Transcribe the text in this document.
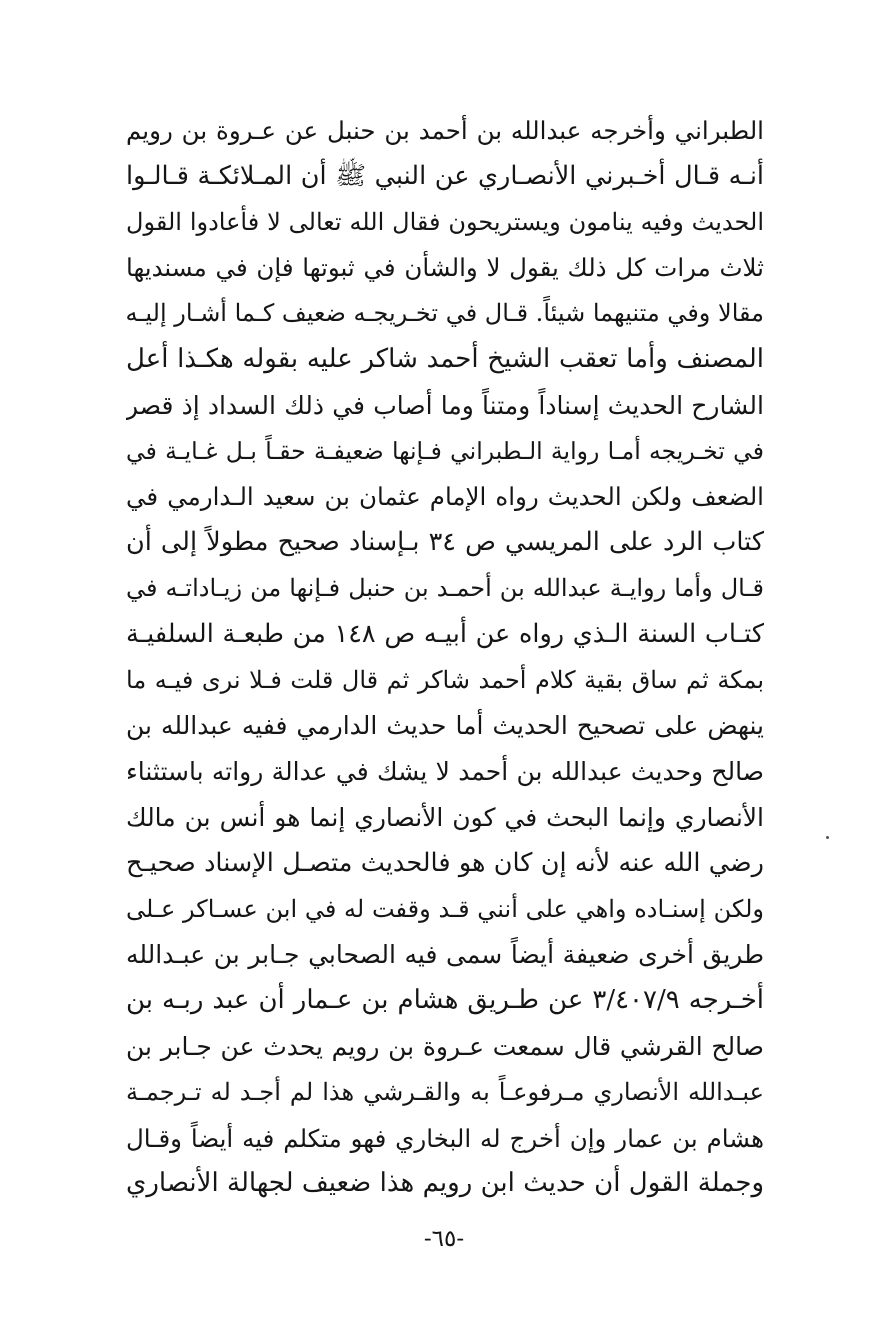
الطبراني وأخرجه عبدالله بن أحمد بن حنبل عن عـروة بن رويم
أنـه قـال أخـبرني الأنصـاري عن النبي ﷺ أن المـلائكـة قـالـوا
الحديث وفيه ينامون ويستريحون فقال الله تعالى لا فأعادوا القول
ثلاث مرات كل ذلك يقول لا والشأن في ثبوتها فإن في مسنديها
مقالا وفي متنيهما شيئاً. قـال في تخـريجـه ضعيف كـما أشـار إليـه
المصنف وأما تعقب الشيخ أحمد شاكر عليه بقوله هكـذا أعل
الشارح الحديث إسناداً ومتناً وما أصاب في ذلك السداد إذ قصر
في تخـريجه أمـا رواية الـطبراني فـإنها ضعيفـة حقـاً بـل غـايـة في
الضعف ولكن الحديث رواه الإمام عثمان بن سعيد الـدارمي في
كتاب الرد على المريسي ص ٣٤ بـإسناد صحيح مطولاً إلى أن
قـال وأما روايـة عبدالله بن أحمـد بن حنبل فـإنها من زيـاداتـه في
كتـاب السنة الـذي رواه عن أبيـه ص ١٤٨ من طبعـة السلفيـة
بمكة ثم ساق بقية كلام أحمد شاكر ثم قال قلت فـلا نرى فيـه ما
ينهض على تصحيح الحديث أما حديث الدارمي ففيه عبدالله بن
صالح وحديث عبدالله بن أحمد لا يشك في عدالة رواته باستثناء
الأنصاري وإنما البحث في كون الأنصاري إنما هو أنس بن مالك
رضي الله عنه لأنه إن كان هو فالحديث متصـل الإسناد صحيـح
ولكن إسنـاده واهي على أنني قـد وقفت له في ابن عسـاكر عـلى
طريق أخرى ضعيفة أيضاً سمى فيه الصحابي جـابر بن عبـدالله
أخـرجه ٣/٤٠٧/٩ عن طـريق هشام بن عـمار أن عبد ربـه بن
صالح القرشي قال سمعت عـروة بن رويم يحدث عن جـابر بن
عبـدالله الأنصاري مـرفوعـاً به والقـرشي هذا لم أجـد له تـرجمـة
هشام بن عمار وإن أخرج له البخاري فهو متكلم فيه أيضاً وقـال
وجملة القول أن حديث ابن رويم هذا ضعيف لجهالة الأنصاري
-٦٥-
